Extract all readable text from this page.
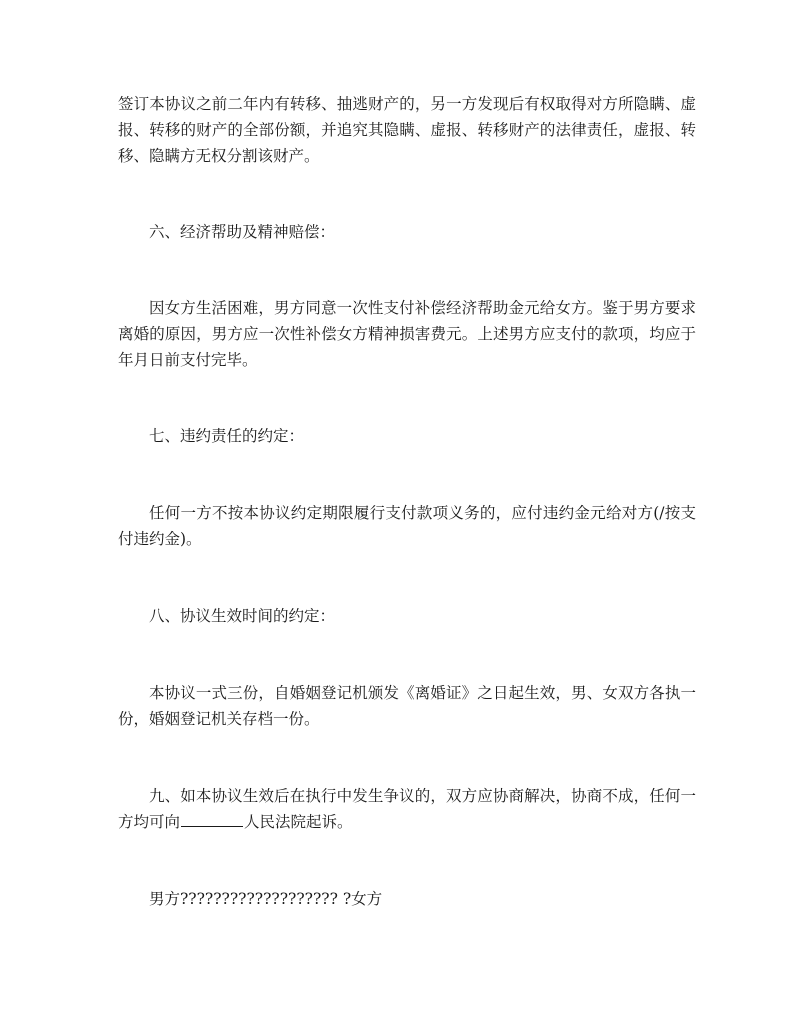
签订本协议之前二年内有转移、抽逃财产的，另一方发现后有权取得对方所隐瞒、虚报、转移的财产的全部份额，并追究其隐瞒、虚报、转移财产的法律责任，虚报、转移、隐瞒方无权分割该财产。

六、经济帮助及精神赔偿：

因女方生活困难，男方同意一次性支付补偿经济帮助金元给女方。鉴于男方要求离婚的原因，男方应一次性补偿女方精神损害费元。上述男方应支付的款项，均应于年月日前支付完毕。

七、违约责任的约定：

任何一方不按本协议约定期限履行支付款项义务的，应付违约金元给对方(/按支付违约金)。

八、协议生效时间的约定：

本协议一式三份，自婚姻登记机颁发《离婚证》之日起生效，男、女双方各执一份，婚姻登记机关存档一份。

九、如本协议生效后在执行中发生争议的，双方应协商解决，协商不成，任何一方均可向	人民法院起诉。

男方??????????????????? ?女方
